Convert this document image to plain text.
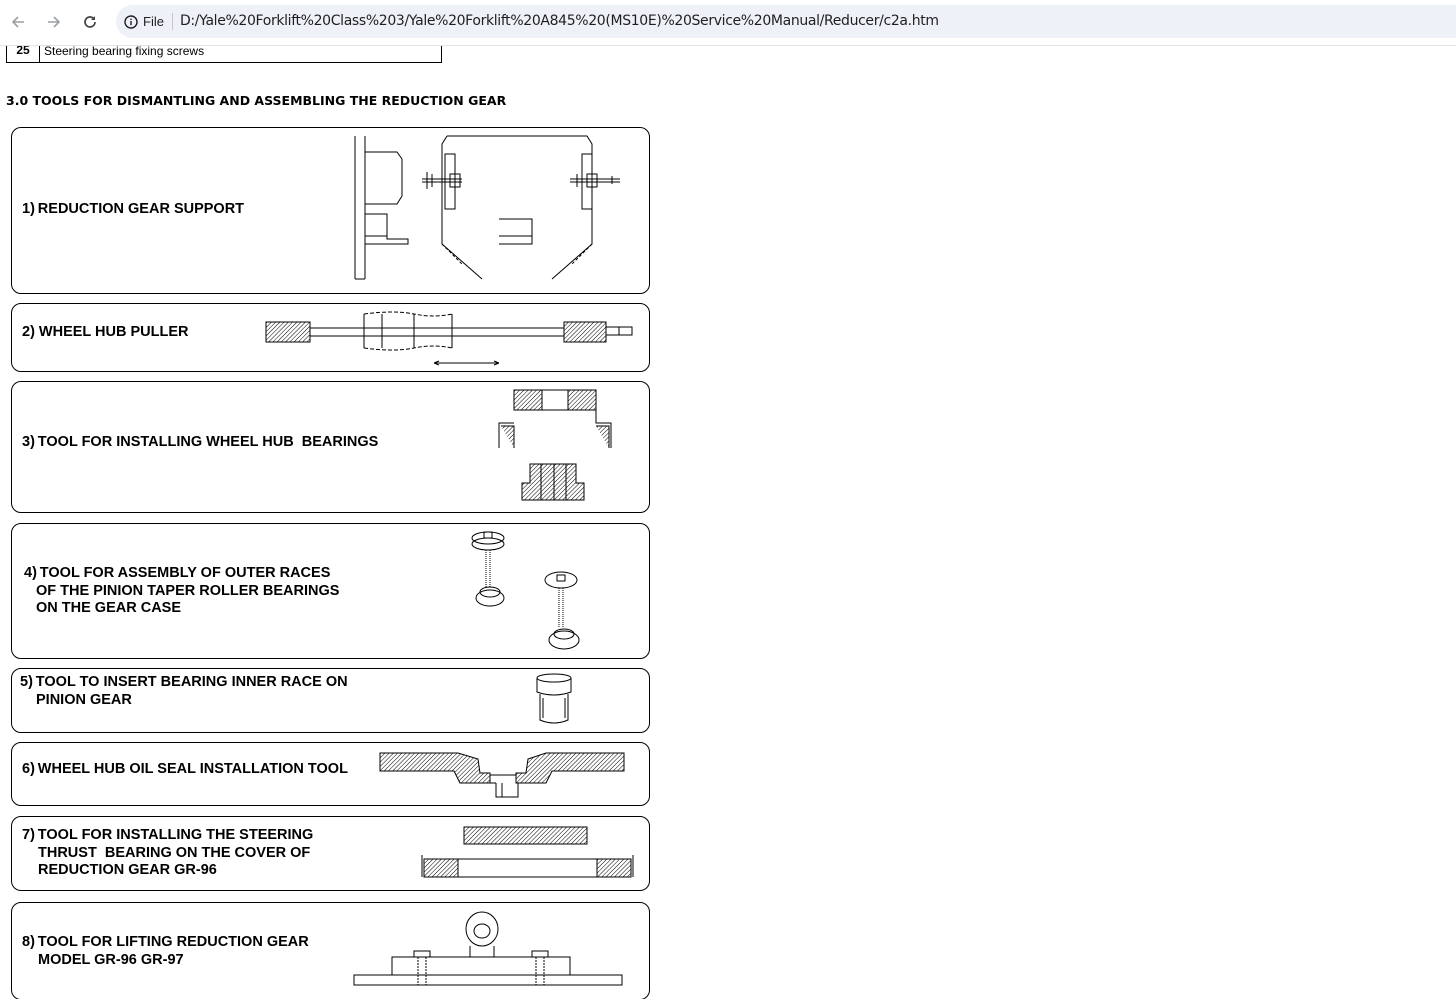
File D:/Yale%20Forklift%20Class%203/Yale%20Forklift%20A845%20(MS10E)%20Service%20Manual/Reducer/c2a.htm
25	Steering bearing fixing screws
3.0 TOOLS FOR DISMANTLING AND ASSEMBLING THE REDUCTION GEAR
1) REDUCTION GEAR SUPPORT
2) WHEEL HUB PULLER
3) TOOL FOR INSTALLING WHEEL HUB  BEARINGS
4) TOOL FOR ASSEMBLY OF OUTER RACES
OF THE PINION TAPER ROLLER BEARINGS
ON THE GEAR CASE
5) TOOL TO INSERT BEARING INNER RACE ON
PINION GEAR
6) WHEEL HUB OIL SEAL INSTALLATION TOOL
7) TOOL FOR INSTALLING THE STEERING
THRUST  BEARING ON THE COVER OF
REDUCTION GEAR GR-96
8) TOOL FOR LIFTING REDUCTION GEAR
MODEL GR-96 GR-97
